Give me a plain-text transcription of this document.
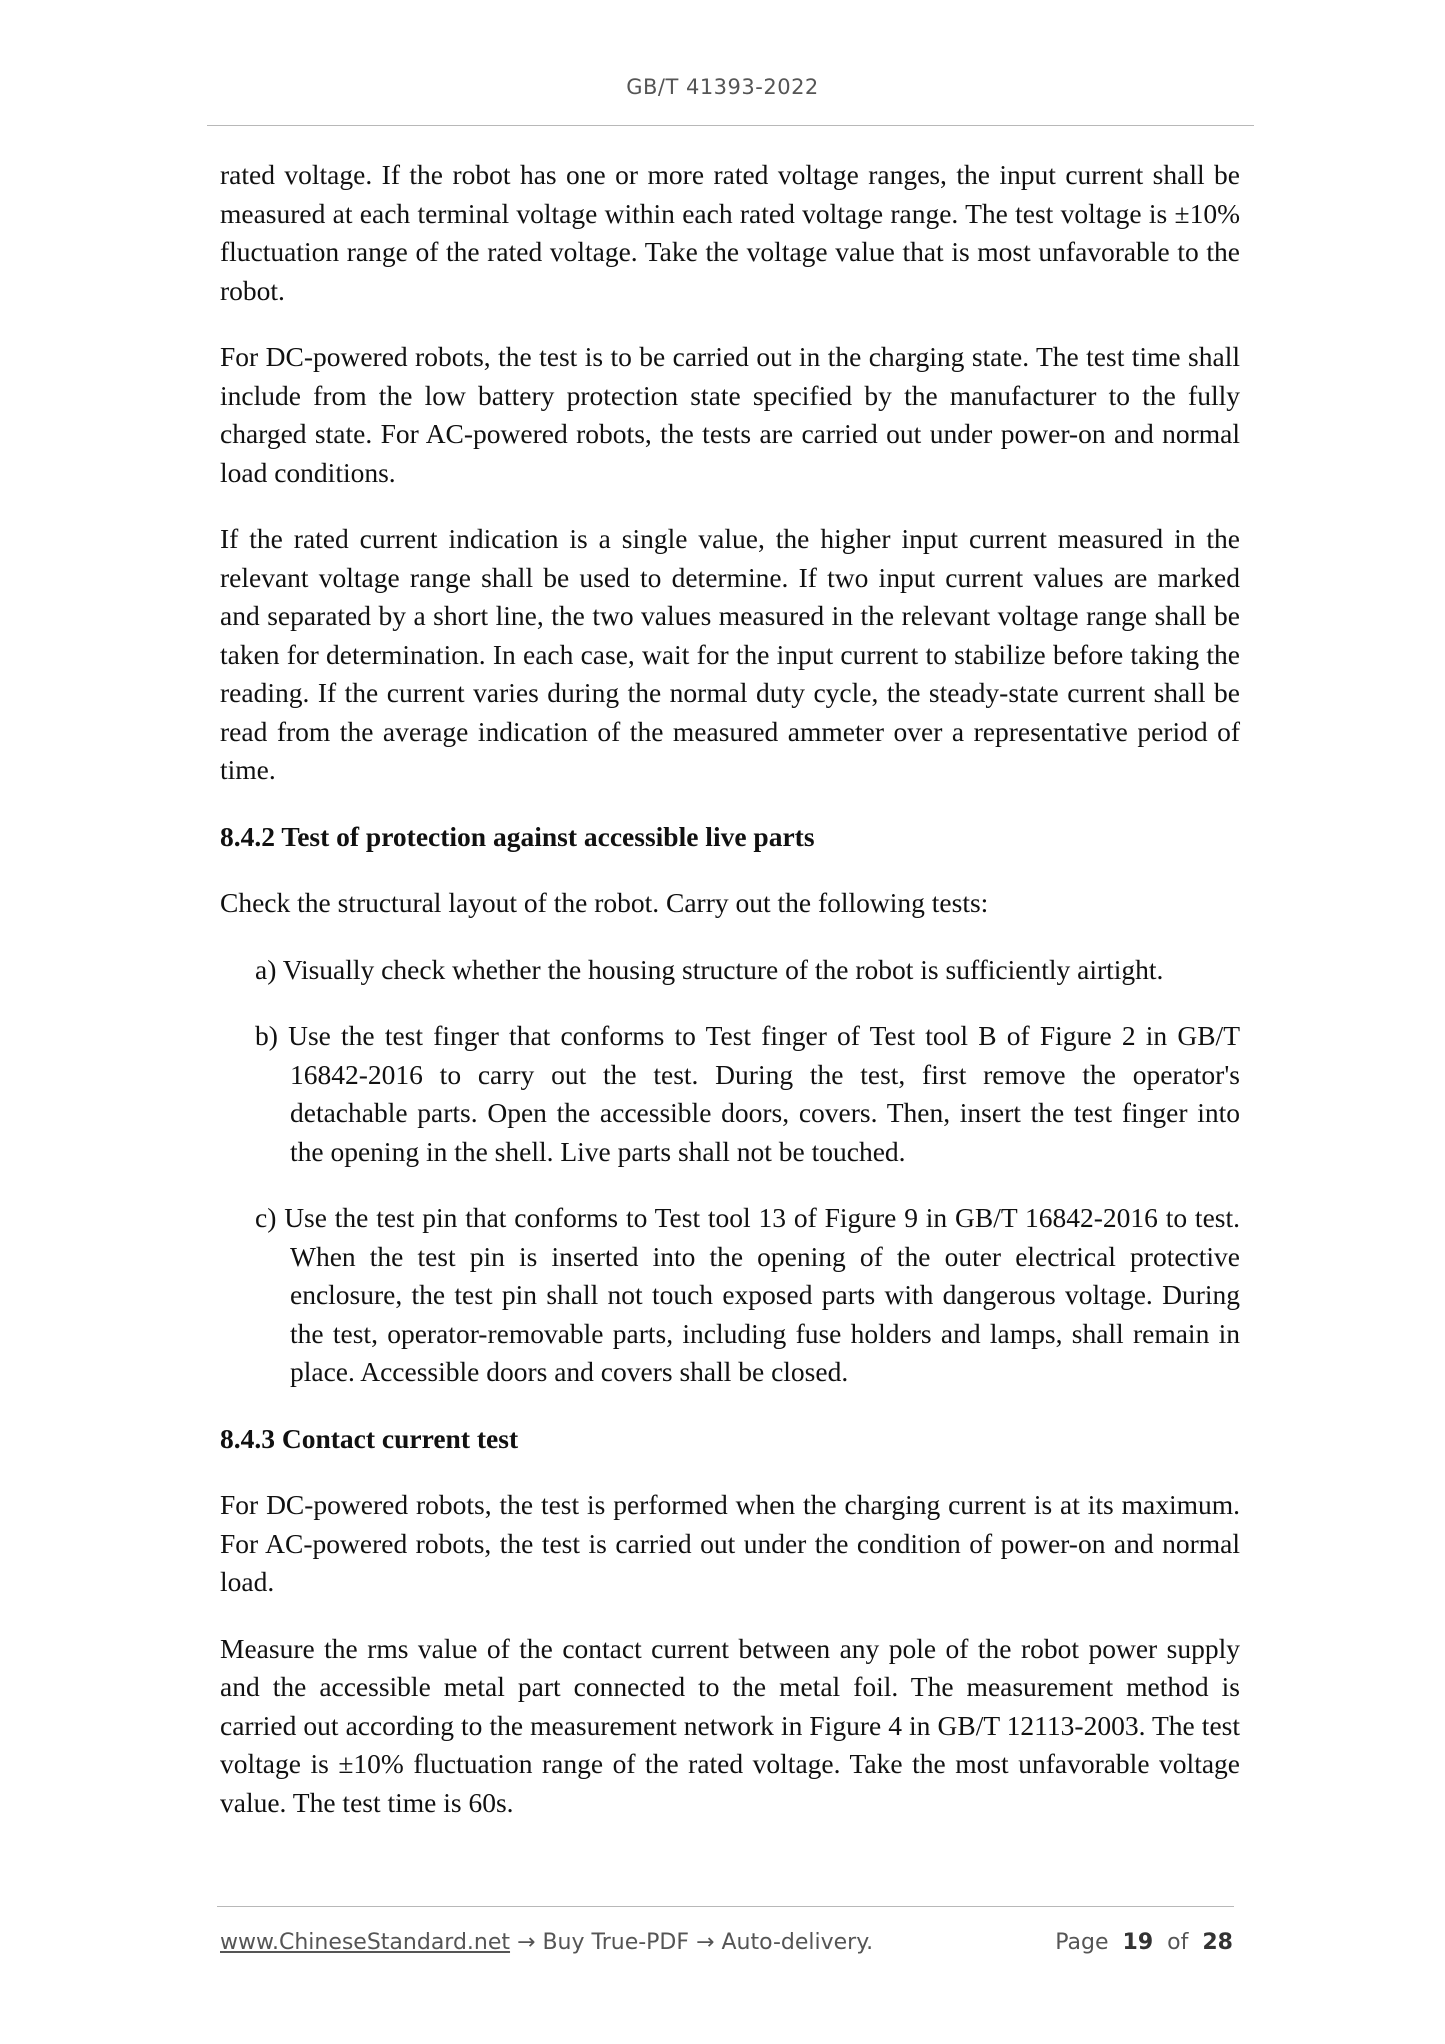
GB/T 41393-2022

rated voltage. If the robot has one or more rated voltage ranges, the input current shall be measured at each terminal voltage within each rated voltage range. The test voltage is ±10% fluctuation range of the rated voltage. Take the voltage value that is most unfavorable to the robot.

For DC-powered robots, the test is to be carried out in the charging state. The test time shall include from the low battery protection state specified by the manufacturer to the fully charged state. For AC-powered robots, the tests are carried out under power-on and normal load conditions.

If the rated current indication is a single value, the higher input current measured in the relevant voltage range shall be used to determine. If two input current values are marked and separated by a short line, the two values measured in the relevant voltage range shall be taken for determination. In each case, wait for the input current to stabilize before taking the reading. If the current varies during the normal duty cycle, the steady-state current shall be read from the average indication of the measured ammeter over a representative period of time.

8.4.2 Test of protection against accessible live parts

Check the structural layout of the robot. Carry out the following tests:

a) Visually check whether the housing structure of the robot is sufficiently airtight.
b) Use the test finger that conforms to Test finger of Test tool B of Figure 2 in GB/T 16842-2016 to carry out the test. During the test, first remove the operator's detachable parts. Open the accessible doors, covers. Then, insert the test finger into the opening in the shell. Live parts shall not be touched.
c) Use the test pin that conforms to Test tool 13 of Figure 9 in GB/T 16842-2016 to test. When the test pin is inserted into the opening of the outer electrical protective enclosure, the test pin shall not touch exposed parts with dangerous voltage. During the test, operator-removable parts, including fuse holders and lamps, shall remain in place. Accessible doors and covers shall be closed.
8.4.3 Contact current test

For DC-powered robots, the test is performed when the charging current is at its maximum. For AC-powered robots, the test is carried out under the condition of power-on and normal load.

Measure the rms value of the contact current between any pole of the robot power supply and the accessible metal part connected to the metal foil. The measurement method is carried out according to the measurement network in Figure 4 in GB/T 12113-2003. The test voltage is ±10% fluctuation range of the rated voltage. Take the most unfavorable voltage value. The test time is 60s.

www.ChineseStandard.net → Buy True-PDF → Auto-delivery.	Page 19 of 28
